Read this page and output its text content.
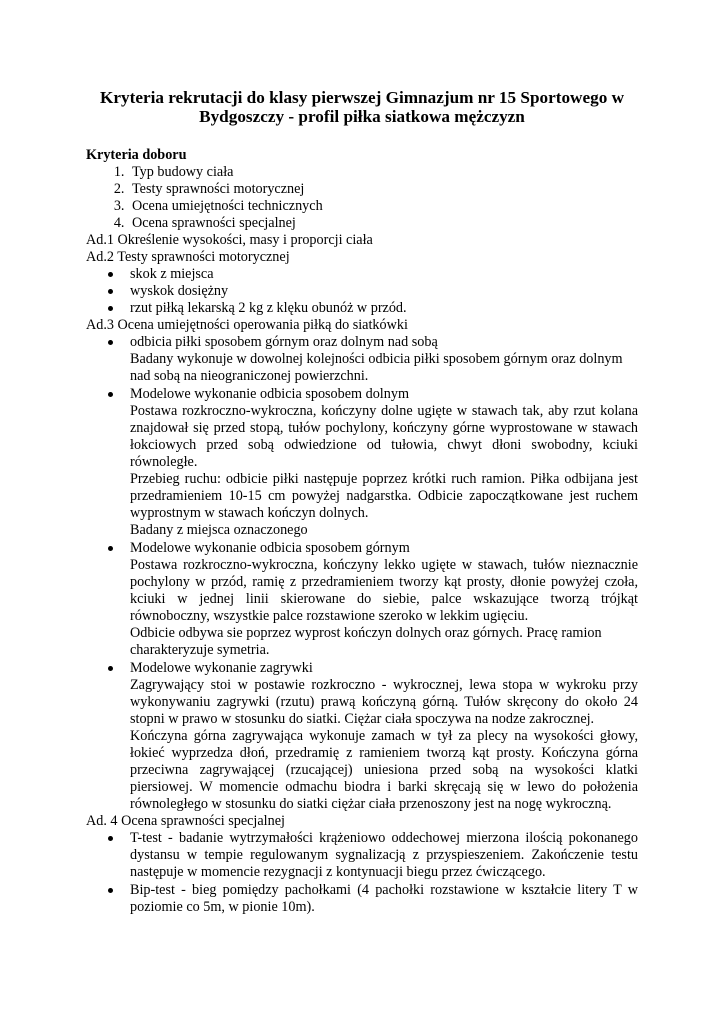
Kryteria rekrutacji do klasy pierwszej Gimnazjum nr 15 Sportowego w Bydgoszczy - profil piłka siatkowa mężczyzn
Kryteria doboru
1. Typ budowy ciała
2. Testy sprawności motorycznej
3. Ocena umiejętności technicznych
4. Ocena sprawności specjalnej

Ad.1 Określenie wysokości, masy i proporcji ciała

Ad.2 Testy sprawności motorycznej

skok z miejsca
wyskok dosiężny
rzut piłką lekarską 2 kg z klęku obunóż w przód.

Ad.3 Ocena umiejętności operowania piłką do siatkówki

odbicia piłki sposobem górnym oraz dolnym nad sobą

Badany wykonuje w dowolnej kolejności odbicia piłki sposobem górnym oraz dolnym nad sobą na nieograniczonej powierzchni.

Modelowe wykonanie odbicia sposobem dolnym

Postawa rozkroczno-wykroczna, kończyny dolne ugięte w stawach tak, aby rzut kolana znajdował się przed stopą, tułów pochylony, kończyny górne wyprostowane w stawach łokciowych przed sobą odwiedzione od tułowia, chwyt dłoni swobodny, kciuki równoległe.

Przebieg ruchu: odbicie piłki następuje poprzez krótki ruch ramion. Piłka odbijana jest przedramieniem 10-15 cm powyżej nadgarstka. Odbicie zapoczątkowane jest ruchem wyprostnym w stawach kończyn dolnych.

Badany z miejsca oznaczonego

Modelowe wykonanie odbicia sposobem górnym

Postawa rozkroczno-wykroczna, kończyny lekko ugięte w stawach, tułów nieznacznie pochylony w przód, ramię z przedramieniem tworzy kąt prosty, dłonie powyżej czoła, kciuki w jednej linii skierowane do siebie, palce wskazujące tworzą trójkąt równoboczny, wszystkie palce rozstawione szeroko w lekkim ugięciu.

Odbicie odbywa sie poprzez wyprost kończyn dolnych oraz górnych. Pracę ramion charakteryzuje symetria.

Modelowe wykonanie zagrywki

Zagrywający stoi w postawie rozkroczno - wykrocznej, lewa stopa w wykroku przy wykonywaniu zagrywki (rzutu) prawą kończyną górną. Tułów skręcony do około 24 stopni w prawo w stosunku do siatki. Ciężar ciała spoczywa na nodze zakrocznej.

Kończyna górna zagrywająca wykonuje zamach w tył za plecy na wysokości głowy, łokieć wyprzedza dłoń, przedramię z ramieniem tworzą kąt prosty. Kończyna górna przeciwna zagrywającej (rzucającej) uniesiona przed sobą na wysokości klatki piersiowej. W momencie odmachu biodra i barki skręcają się w lewo do położenia równoległego w stosunku do siatki ciężar ciała przenoszony jest na nogę wykroczną.

Ad. 4 Ocena sprawności specjalnej

T-test - badanie wytrzymałości krążeniowo oddechowej mierzona ilością pokonanego dystansu w tempie regulowanym sygnalizacją z przyspieszeniem. Zakończenie testu następuje w momencie rezygnacji z kontynuacji biegu przez ćwiczącego.

Bip-test - bieg pomiędzy pachołkami (4 pachołki rozstawione w kształcie litery T w poziomie co 5m, w pionie 10m).
